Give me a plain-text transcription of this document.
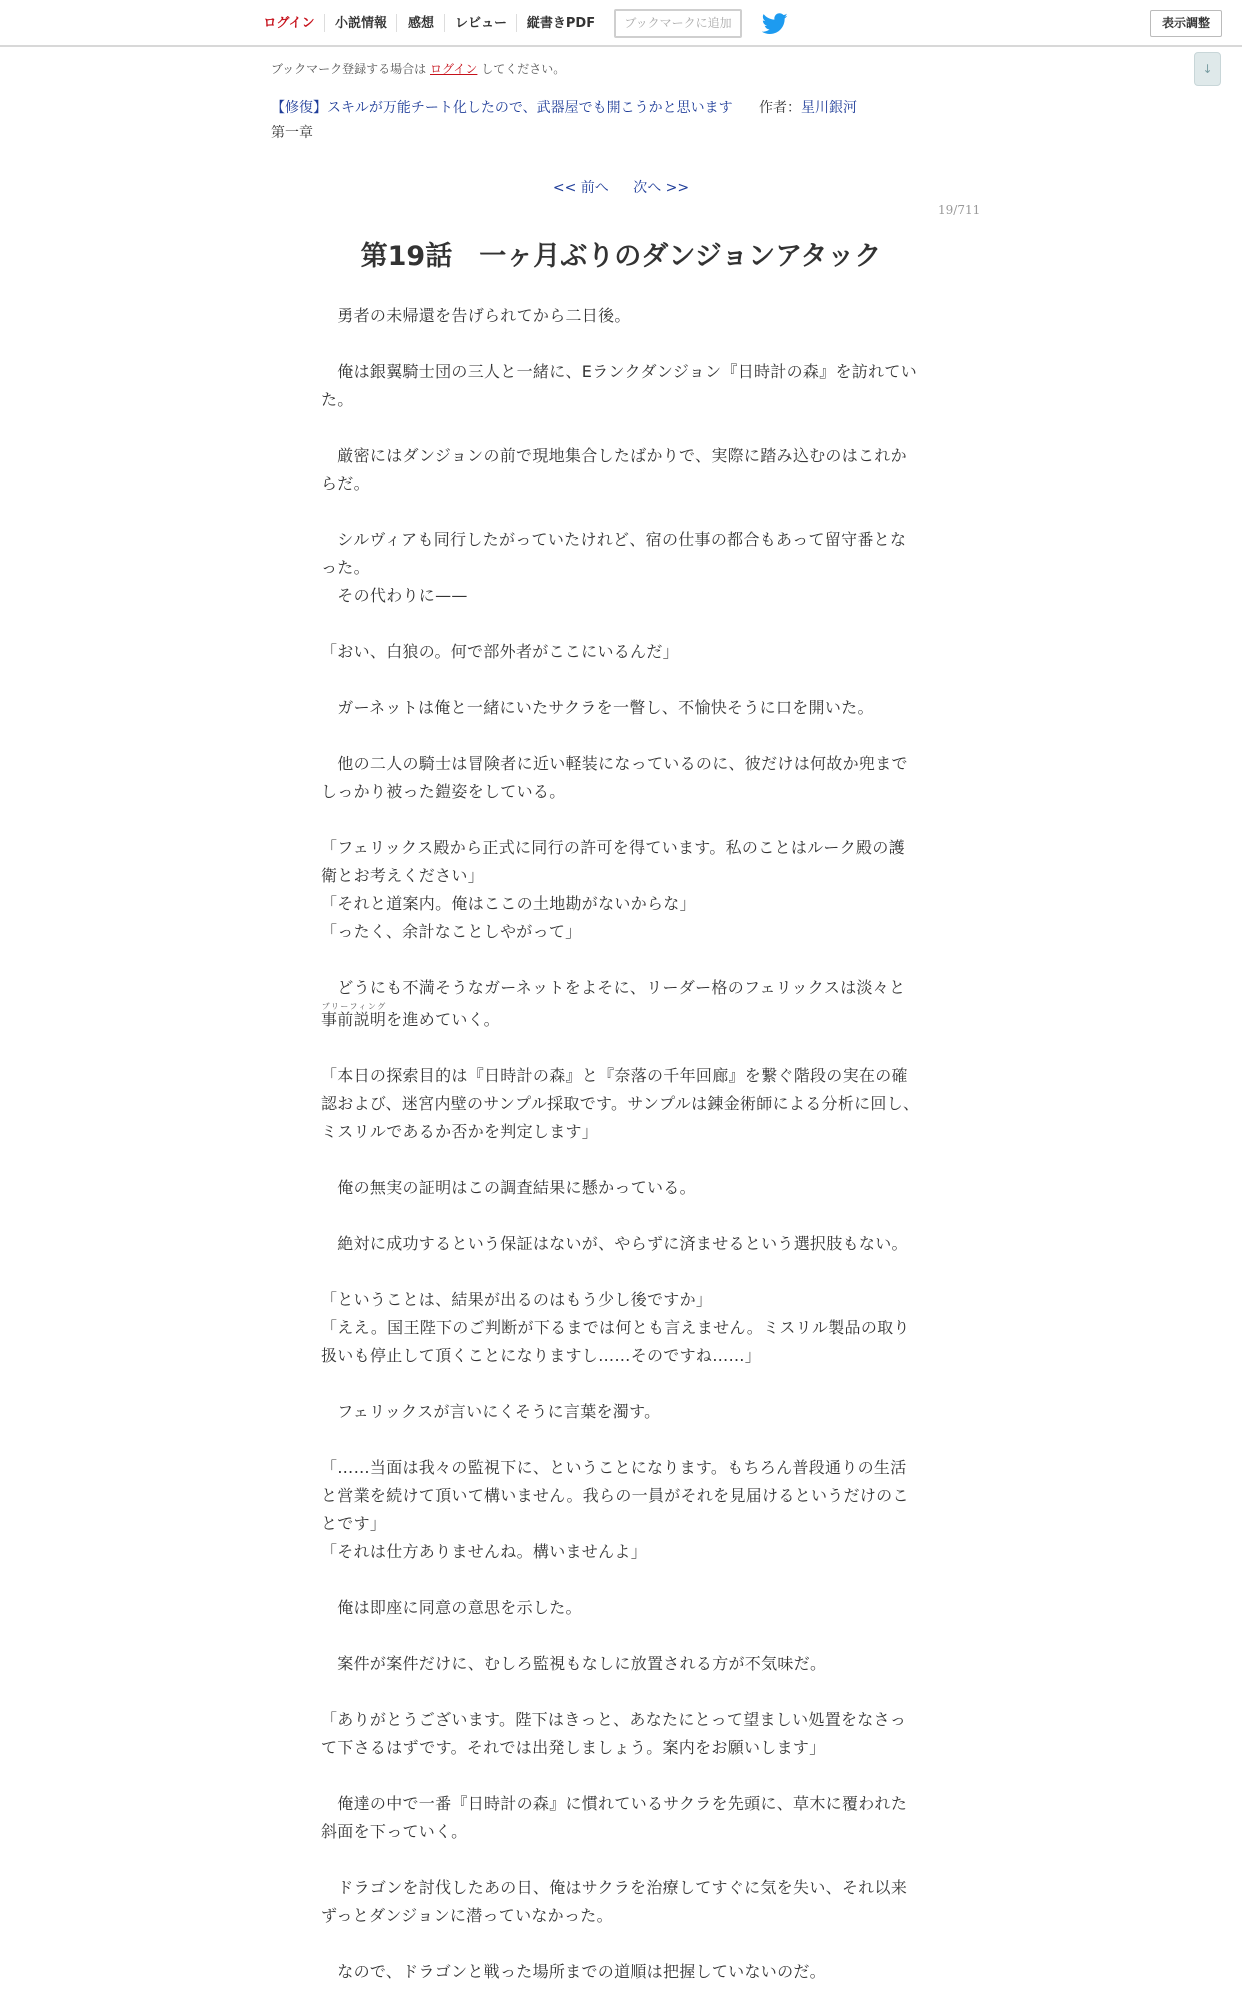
ログイン 小説情報 感想 レビュー 縦書きPDF	ブックマークに追加	表示調整
↓
ブックマーク登録する場合は ログイン してください。
【修復】スキルが万能チート化したので、武器屋でも開こうかと思います 作者：星川銀河
第一章
<< 前へ 次へ >>
19/711
第19話　一ヶ月ぶりのダンジョンアタック

　勇者の未帰還を告げられてから二日後。

　俺は銀翼騎士団の三人と一緒に、Eランクダンジョン『日時計の森』を訪れていた。

　厳密にはダンジョンの前で現地集合したばかりで、実際に踏み込むのはこれからだ。

　シルヴィアも同行したがっていたけれど、宿の仕事の都合もあって留守番となった。

　その代わりに——

「おい、白狼の。何で部外者がここにいるんだ」

　ガーネットは俺と一緒にいたサクラを一瞥し、不愉快そうに口を開いた。

　他の二人の騎士は冒険者に近い軽装になっているのに、彼だけは何故か兜までしっかり被った鎧姿をしている。

「フェリックス殿から正式に同行の許可を得ています。私のことはルーク殿の護衛とお考えください」

「それと道案内。俺はここの土地勘がないからな」

「ったく、余計なことしやがって」

　どうにも不満そうなガーネットをよそに、リーダー格のフェリックスは淡々と

事前説明ブリーフィングを進めていく。

「本日の探索目的は『日時計の森』と『奈落の千年回廊』を繋ぐ階段の実在の確認および、迷宮内壁のサンプル採取です。サンプルは錬金術師による分析に回し、ミスリルであるか否かを判定します」

　俺の無実の証明はこの調査結果に懸かっている。

　絶対に成功するという保証はないが、やらずに済ませるという選択肢もない。

「ということは、結果が出るのはもう少し後ですか」

「ええ。国王陛下のご判断が下るまでは何とも言えません。ミスリル製品の取り扱いも停止して頂くことになりますし……そのですね……」

　フェリックスが言いにくそうに言葉を濁す。

「……当面は我々の監視下に、ということになります。もちろん普段通りの生活と営業を続けて頂いて構いません。我らの一員がそれを見届けるというだけのことです」

「それは仕方ありませんね。構いませんよ」

　俺は即座に同意の意思を示した。

　案件が案件だけに、むしろ監視もなしに放置される方が不気味だ。

「ありがとうございます。陛下はきっと、あなたにとって望ましい処置をなさって下さるはずです。それでは出発しましょう。案内をお願いします」

　俺達の中で一番『日時計の森』に慣れているサクラを先頭に、草木に覆われた斜面を下っていく。

　ドラゴンを討伐したあの日、俺はサクラを治療してすぐに気を失い、それ以来ずっとダンジョンに潜っていなかった。

　なので、ドラゴンと戦った場所までの道順は把握していないのだ。
